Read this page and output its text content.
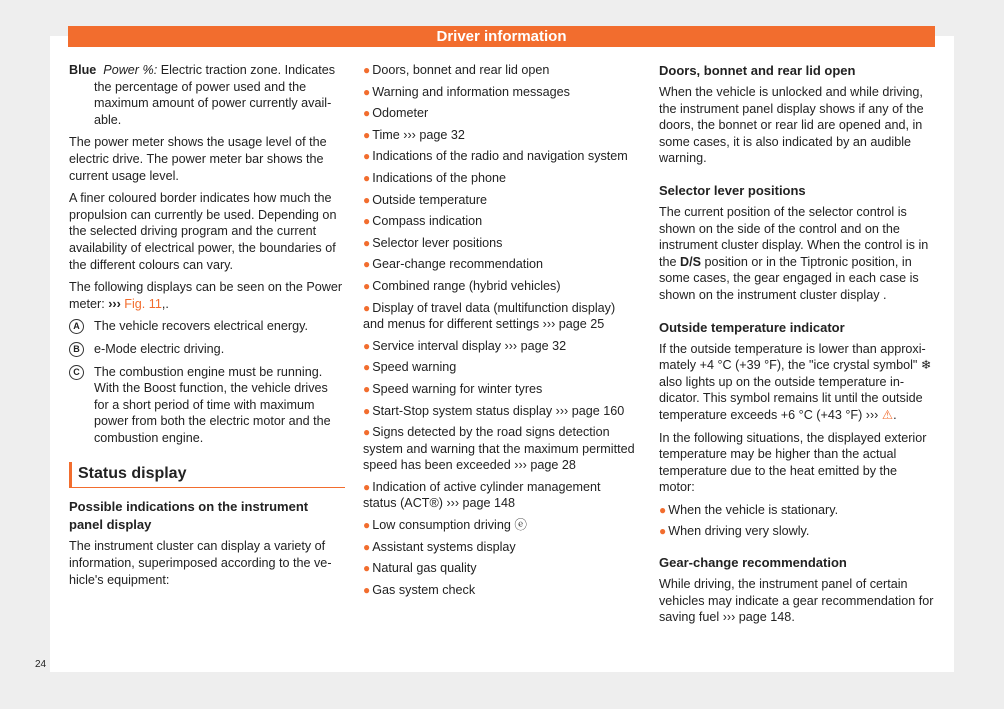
Driver information

Blue Power %: Electric traction zone. Indicates the percentage of power used and the maximum amount of power currently available.

The power meter shows the usage level of the electric drive. The power meter bar shows the current usage level.

A finer coloured border indicates how much the propulsion can currently be used. Depending on the selected driving program and the current availability of electrical power, the boundaries of the different colours can vary.

The following displays can be seen on the Power meter: ››› Fig. 11,.

A	The vehicle recovers electrical energy.
B	e-Mode electric driving.
C	The combustion engine must be running. With the Boost function, the vehicle drives for a short period of time with maximum power from both the electric motor and the combustion engine.
Status display
Possible indications on the instrument panel display

The instrument cluster can display a variety of information, superimposed according to the vehicle's equipment:

● Doors, bonnet and rear lid open
● Warning and information messages
● Odometer
● Time ››› page 32
● Indications of the radio and navigation system
● Indications of the phone
● Outside temperature
● Compass indication
● Selector lever positions
● Gear-change recommendation
● Combined range (hybrid vehicles)
● Display of travel data (multifunction display) and menus for different settings ››› page 25
● Service interval display ››› page 32
● Speed warning
● Speed warning for winter tyres
● Start-Stop system status display ››› page 160
● Signs detected by the road signs detection system and warning that the maximum permitted speed has been exceeded ››› page 28
● Indication of active cylinder management status (ACT®) ››› page 148
● Low consumption driving ⓔ
● Assistant systems display
● Natural gas quality
● Gas system check
Doors, bonnet and rear lid open

When the vehicle is unlocked and while driving, the instrument panel display shows if any of the doors, the bonnet or rear lid are opened and, in some cases, it is also indicated by an audible warning.

Selector lever positions

The current position of the selector control is shown on the side of the control and on the instrument cluster display. When the control is in the D/S position or in the Tiptronic position, in some cases, the gear engaged in each case is shown on the instrument cluster display .

Outside temperature indicator

If the outside temperature is lower than approximately +4 °C (+39 °F), the "ice crystal symbol" ❄ also lights up on the outside temperature indicator. This symbol remains lit until the outside temperature exceeds +6 °C (+43 °F) ››› ⚠.

In the following situations, the displayed exterior temperature may be higher than the actual temperature due to the heat emitted by the motor:

● When the vehicle is stationary.
● When driving very slowly.
Gear-change recommendation

While driving, the instrument panel of certain vehicles may indicate a gear recommendation for saving fuel ››› page 148.

24
